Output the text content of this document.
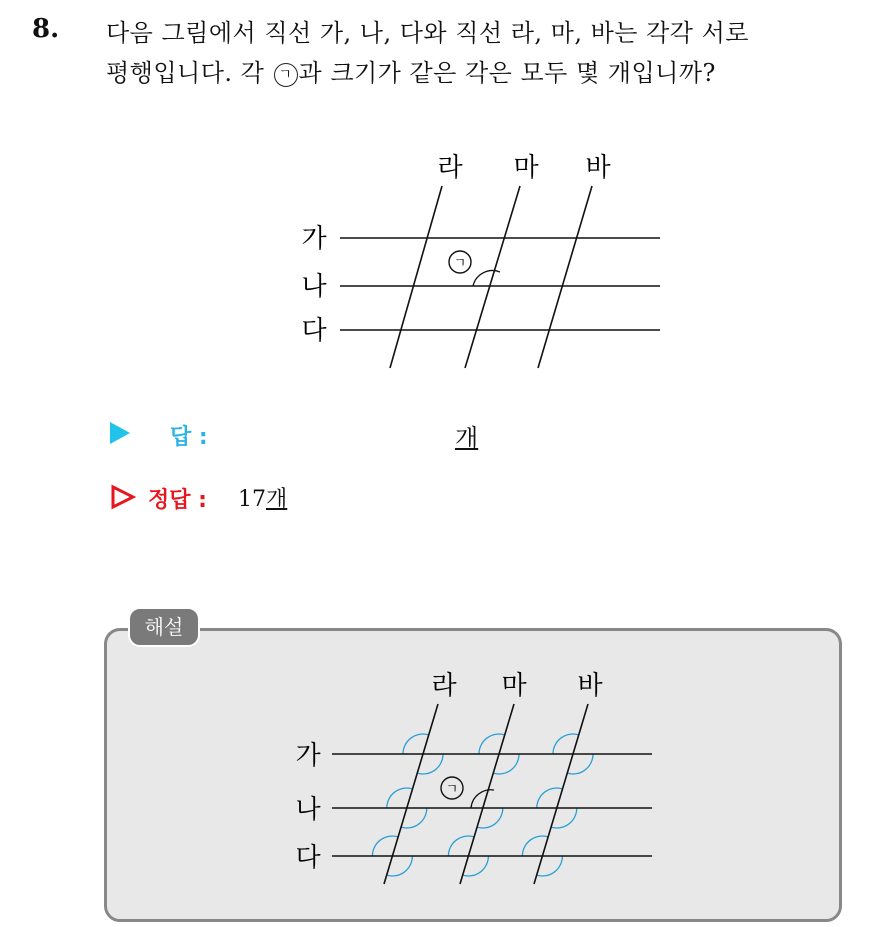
8. 다음 그림에서 직선 가, 나, 다와 직선 라, 마, 바는 각각 서로
평행입니다. 각 ㄱ 과 크기가 같은 각은 모두 몇 개입니까?
ㄱ
가
나
다
라 마 바
답 :	개
정답 : 17개
해설
ㄱ
가
나
다
라 마 바
